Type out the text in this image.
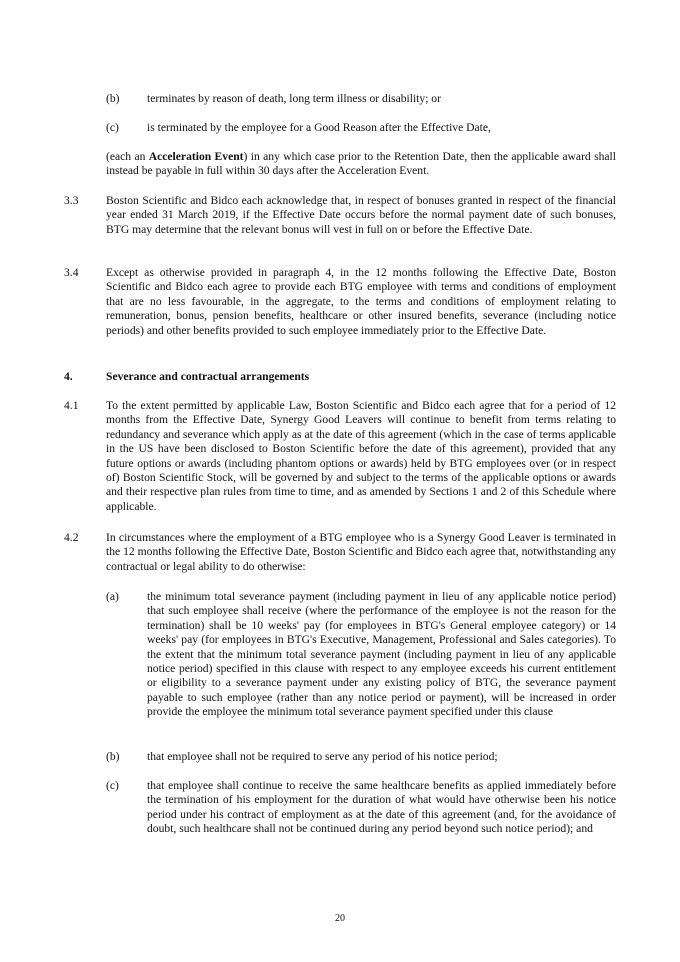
(b) terminates by reason of death, long term illness or disability; or
(c) is terminated by the employee for a Good Reason after the Effective Date,
(each an Acceleration Event) in any which case prior to the Retention Date, then the applicable award shall instead be payable in full within 30 days after the Acceleration Event.
3.3 Boston Scientific and Bidco each acknowledge that, in respect of bonuses granted in respect of the financial year ended 31 March 2019, if the Effective Date occurs before the normal payment date of such bonuses, BTG may determine that the relevant bonus will vest in full on or before the Effective Date.
3.4 Except as otherwise provided in paragraph 4, in the 12 months following the Effective Date, Boston Scientific and Bidco each agree to provide each BTG employee with terms and conditions of employment that are no less favourable, in the aggregate, to the terms and conditions of employment relating to remuneration, bonus, pension benefits, healthcare or other insured benefits, severance (including notice periods) and other benefits provided to such employee immediately prior to the Effective Date.
4.	Severance and contractual arrangements
4.1 To the extent permitted by applicable Law, Boston Scientific and Bidco each agree that for a period of 12 months from the Effective Date, Synergy Good Leavers will continue to benefit from terms relating to redundancy and severance which apply as at the date of this agreement (which in the case of terms applicable in the US have been disclosed to Boston Scientific before the date of this agreement), provided that any future options or awards (including phantom options or awards) held by BTG employees over (or in respect of) Boston Scientific Stock, will be governed by and subject to the terms of the applicable options or awards and their respective plan rules from time to time, and as amended by Sections 1 and 2 of this Schedule where applicable.
4.2 In circumstances where the employment of a BTG employee who is a Synergy Good Leaver is terminated in the 12 months following the Effective Date, Boston Scientific and Bidco each agree that, notwithstanding any contractual or legal ability to do otherwise:
(a) the minimum total severance payment (including payment in lieu of any applicable notice period) that such employee shall receive (where the performance of the employee is not the reason for the termination) shall be 10 weeks' pay (for employees in BTG's General employee category) or 14 weeks' pay (for employees in BTG's Executive, Management, Professional and Sales categories). To the extent that the minimum total severance payment (including payment in lieu of any applicable notice period) specified in this clause with respect to any employee exceeds his current entitlement or eligibility to a severance payment under any existing policy of BTG, the severance payment payable to such employee (rather than any notice period or payment), will be increased in order provide the employee the minimum total severance payment specified under this clause
(b) that employee shall not be required to serve any period of his notice period;
(c) that employee shall continue to receive the same healthcare benefits as applied immediately before the termination of his employment for the duration of what would have otherwise been his notice period under his contract of employment as at the date of this agreement (and, for the avoidance of doubt, such healthcare shall not be continued during any period beyond such notice period); and
20
